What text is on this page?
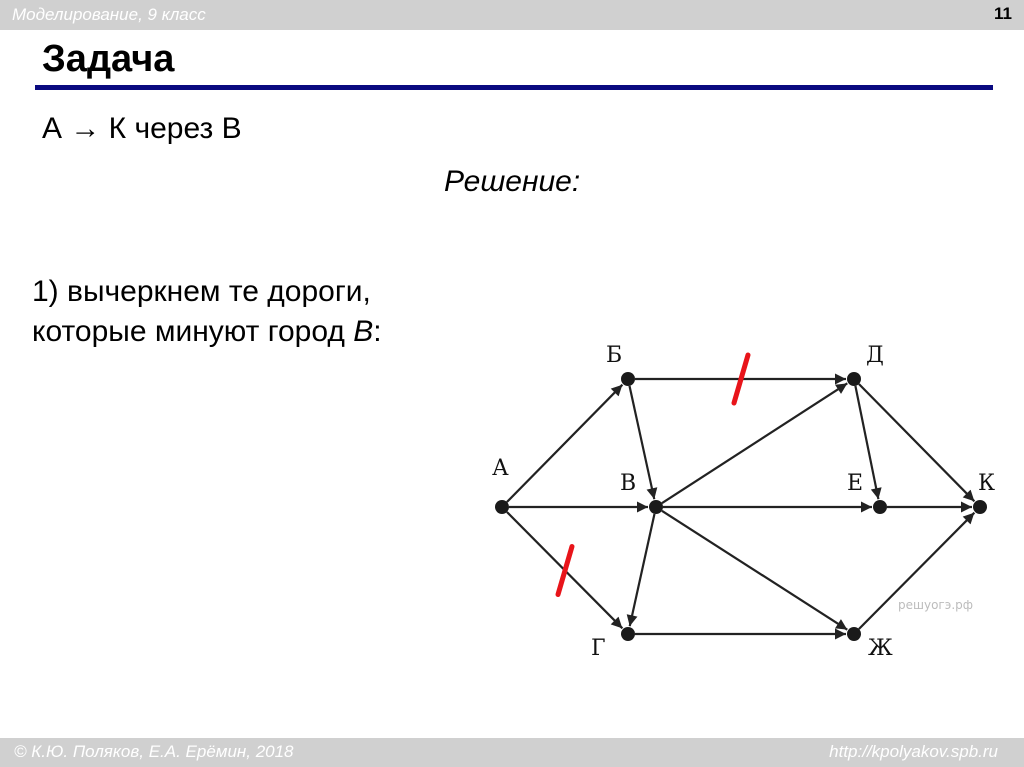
Моделирование, 9 класс	11
Задача
А → К через В
Решение:
1) вычеркнем те дороги,
которые минуют город В:
А
Б
В
Г
Д
Е
Ж
К
решуогэ.рф
© К.Ю. Поляков, Е.А. Ерёмин, 2018	http://kpolyakov.spb.ru
